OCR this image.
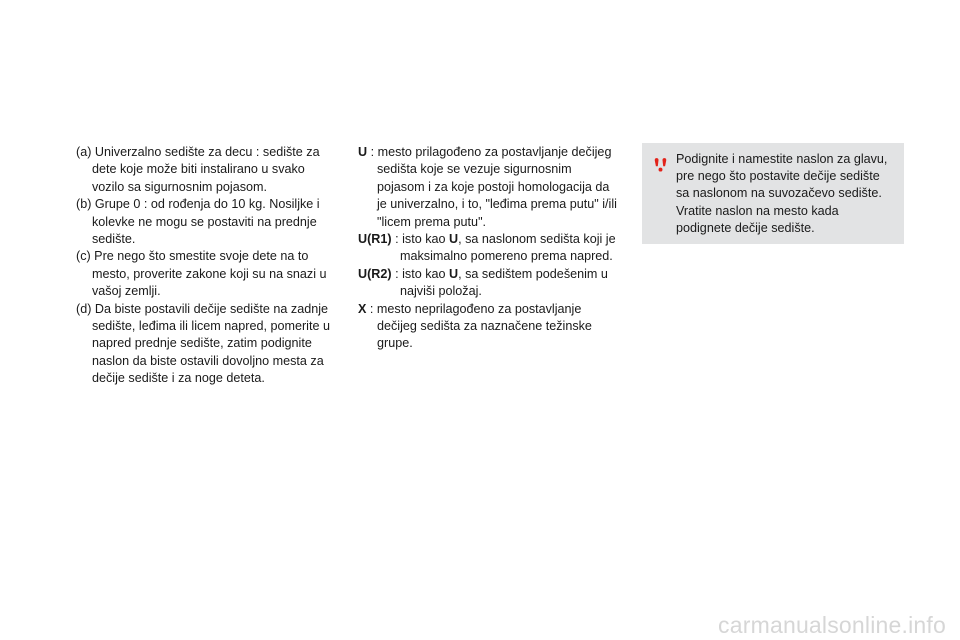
(a) Univerzalno sedište za decu : sedište za dete koje može biti instalirano u svako vozilo sa sigurnosnim pojasom.

(b) Grupe 0 : od rođenja do 10 kg. Nosiljke i kolevke ne mogu se postaviti na prednje sedište.

(c) Pre nego što smestite svoje dete na to mesto, proverite zakone koji su na snazi u vašoj zemlji.

(d) Da biste postavili dečije sedište na zadnje sedište, leđima ili licem napred, pomerite u napred prednje sedište, zatim podignite naslon da biste ostavili dovoljno mesta za dečije sedište i za noge deteta.

U : mesto prilagođeno za postavljanje dečijeg sedišta koje se vezuje sigurnosnim pojasom i za koje postoji homologacija da je univerzalno, i to, "leđima prema putu" i/ili "licem prema putu".

U(R1) : isto kao U, sa naslonom sedišta koji je maksimalno pomereno prema napred.

U(R2) : isto kao U, sa sedištem podešenim u najviši položaj.

X : mesto neprilagođeno za postavljanje dečijeg sedišta za naznačene težinske grupe.

Podignite i namestite naslon za glavu, pre nego što postavite dečije sedište sa naslonom na suvozačevo sedište. Vratite naslon na mesto kada podignete dečije sedište.

carmanualsonline.info
